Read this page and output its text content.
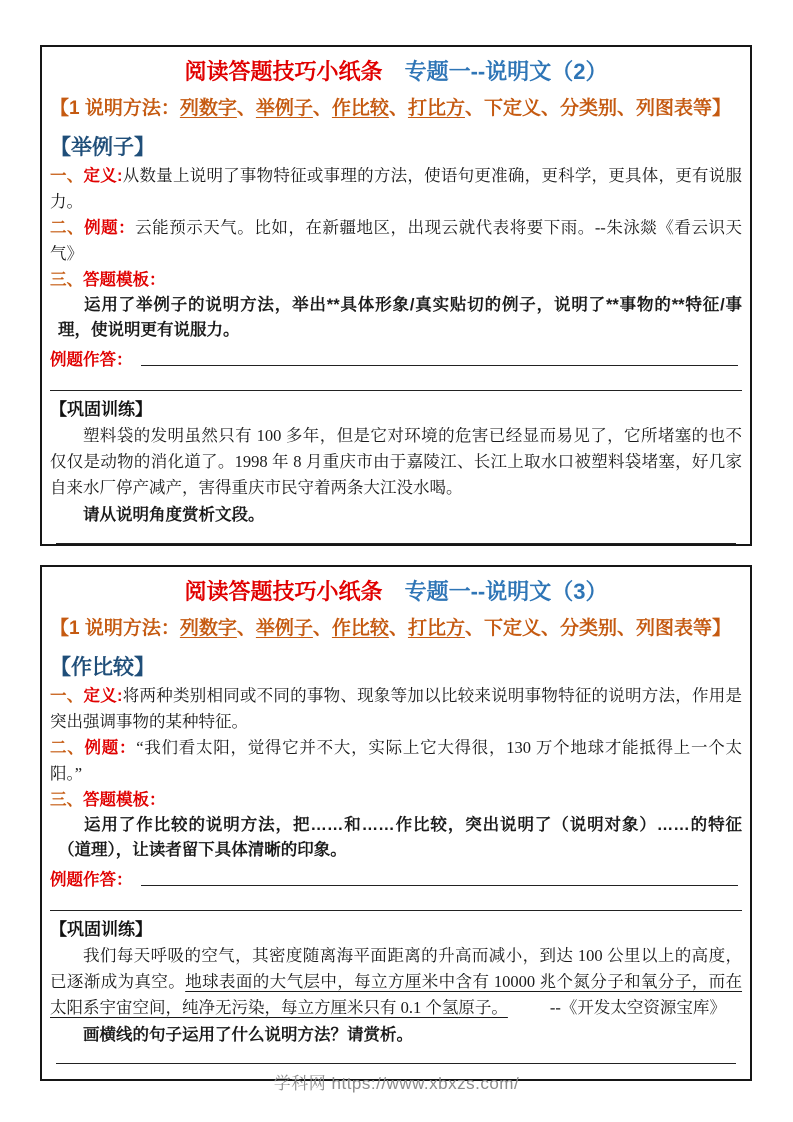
阅读答题技巧小纸条 专题一--说明文（2）
【1 说明方法：列数字、举例子、作比较、打比方、下定义、分类别、列图表等】
【举例子】
一、定义:从数量上说明了事物特征或事理的方法，使语句更准确，更科学，更具体，更有说服力。
二、例题：云能预示天气。比如，在新疆地区，出现云就代表将要下雨。--朱泳燚《看云识天气》
三、答题模板：
运用了举例子的说明方法，举出**具体形象/真实贴切的例子，说明了**事物的**特征/事理，使说明更有说服力。
例题作答：
【巩固训练】
塑料袋的发明虽然只有 100 多年，但是它对环境的危害已经显而易见了，它所堵塞的也不仅仅是动物的消化道了。1998 年 8 月重庆市由于嘉陵江、长江上取水口被塑料袋堵塞，好几家自来水厂停产减产，害得重庆市民守着两条大江没水喝。
请从说明角度赏析文段。
阅读答题技巧小纸条 专题一--说明文（3）
【1 说明方法：列数字、举例子、作比较、打比方、下定义、分类别、列图表等】
【作比较】
一、定义:将两种类别相同或不同的事物、现象等加以比较来说明事物特征的说明方法，作用是突出强调事物的某种特征。
二、例题：“我们看太阳，觉得它并不大，实际上它大得很，130 万个地球才能抵得上一个太阳。”
三、答题模板：
运用了作比较的说明方法，把……和……作比较，突出说明了（说明对象）……的特征（道理），让读者留下具体清晰的印象。
例题作答：
【巩固训练】
我们每天呼吸的空气，其密度随离海平面距离的升高而减小，到达 100 公里以上的高度，已逐渐成为真空。地球表面的大气层中，每立方厘米中含有 10000 兆个氮分子和氧分子，而在太阳系宇宙空间，纯净无污染，每立方厘米只有 0.1 个氢原子。	--《开发太空资源宝库》
画横线的句子运用了什么说明方法？请赏析。
学科网 https://www.xbxzs.com/
